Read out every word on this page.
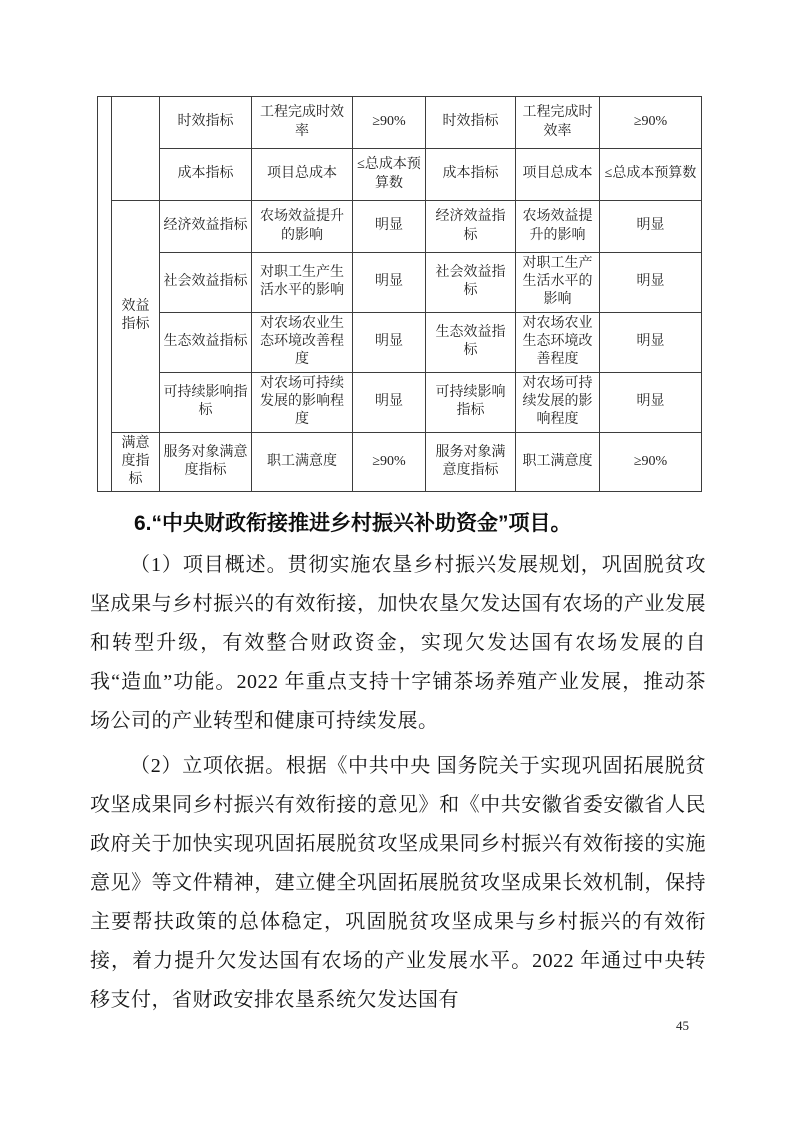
		时效指标	工程完成时效率	≥90%	时效指标	工程完成时效率	≥90%
		成本指标	项目总成本	≤总成本预算数	成本指标	项目总成本	≤总成本预算数
	效益指标	经济效益指标	农场效益提升的影响	明显	经济效益指标	农场效益提升的影响	明显
		社会效益指标	对职工生产生活水平的影响	明显	社会效益指标	对职工生产生活水平的影响	明显
		生态效益指标	对农场农业生态环境改善程度	明显	生态效益指标	对农场农业生态环境改善程度	明显
		可持续影响指标	对农场可持续发展的影响程度	明显	可持续影响指标	对农场可持续发展的影响程度	明显
	满意度指标	服务对象满意度指标	职工满意度	≥90%	服务对象满意度指标	职工满意度	≥90%
6.“中央财政衔接推进乡村振兴补助资金”项目。

（1）项目概述。贯彻实施农垦乡村振兴发展规划，巩固脱贫攻坚成果与乡村振兴的有效衔接，加快农垦欠发达国有农场的产业发展和转型升级，有效整合财政资金，实现欠发达国有农场发展的自我“造血”功能。2022 年重点支持十字铺茶场养殖产业发展，推动茶场公司的产业转型和健康可持续发展。

（2）立项依据。根据《中共中央 国务院关于实现巩固拓展脱贫攻坚成果同乡村振兴有效衔接的意见》和《中共安徽省委安徽省人民政府关于加快实现巩固拓展脱贫攻坚成果同乡村振兴有效衔接的实施意见》等文件精神，建立健全巩固拓展脱贫攻坚成果长效机制，保持主要帮扶政策的总体稳定，巩固脱贫攻坚成果与乡村振兴的有效衔接，着力提升欠发达国有农场的产业发展水平。2022 年通过中央转移支付，省财政安排农垦系统欠发达国有

45
